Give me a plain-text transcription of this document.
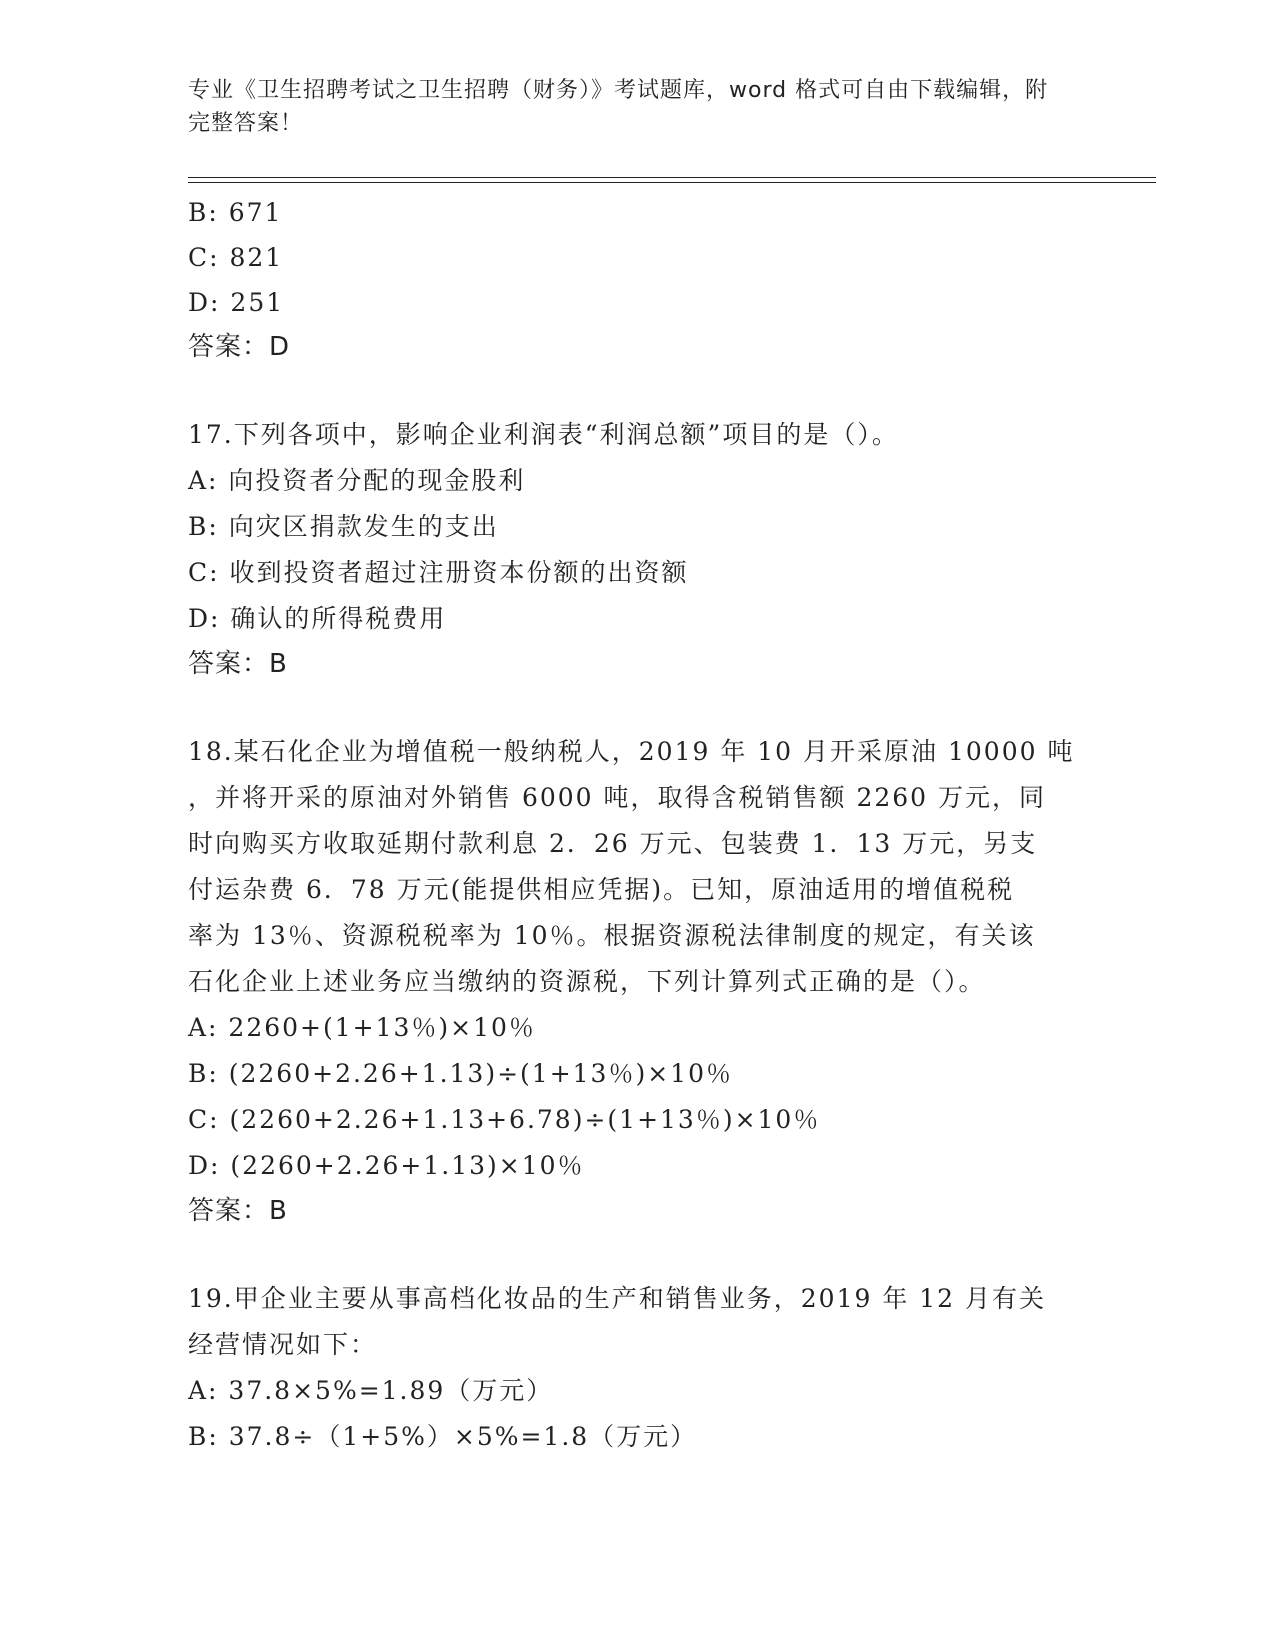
专业《卫生招聘考试之卫生招聘（财务）》考试题库，word 格式可自由下载编辑，附完整答案！
B: 671
C: 821
D: 251
答案：D
17.下列各项中，影响企业利润表“利润总额”项目的是（）。
A: 向投资者分配的现金股利
B: 向灾区捐款发生的支出
C: 收到投资者超过注册资本份额的出资额
D: 确认的所得税费用
答案：B
18.某石化企业为增值税一般纳税人，2019 年 10 月开采原油 10000 吨
，并将开采的原油对外销售 6000 吨，取得含税销售额 2260 万元，同
时向购买方收取延期付款利息 2．26 万元、包装费 1．13 万元，另支
付运杂费 6．78 万元(能提供相应凭据)。已知，原油适用的增值税税
率为 13％、资源税税率为 10％。根据资源税法律制度的规定，有关该
石化企业上述业务应当缴纳的资源税，下列计算列式正确的是（）。
A: 2260+(1+13％)×10％
B: (2260+2.26+1.13)÷(1+13％)×10％
C: (2260+2.26+1.13+6.78)÷(1+13％)×10％
D: (2260+2.26+1.13)×10％
答案：B
19.甲企业主要从事高档化妆品的生产和销售业务，2019 年 12 月有关
经营情况如下：
A: 37.8×5%=1.89（万元）
B: 37.8÷（1+5%）×5%=1.8（万元）
